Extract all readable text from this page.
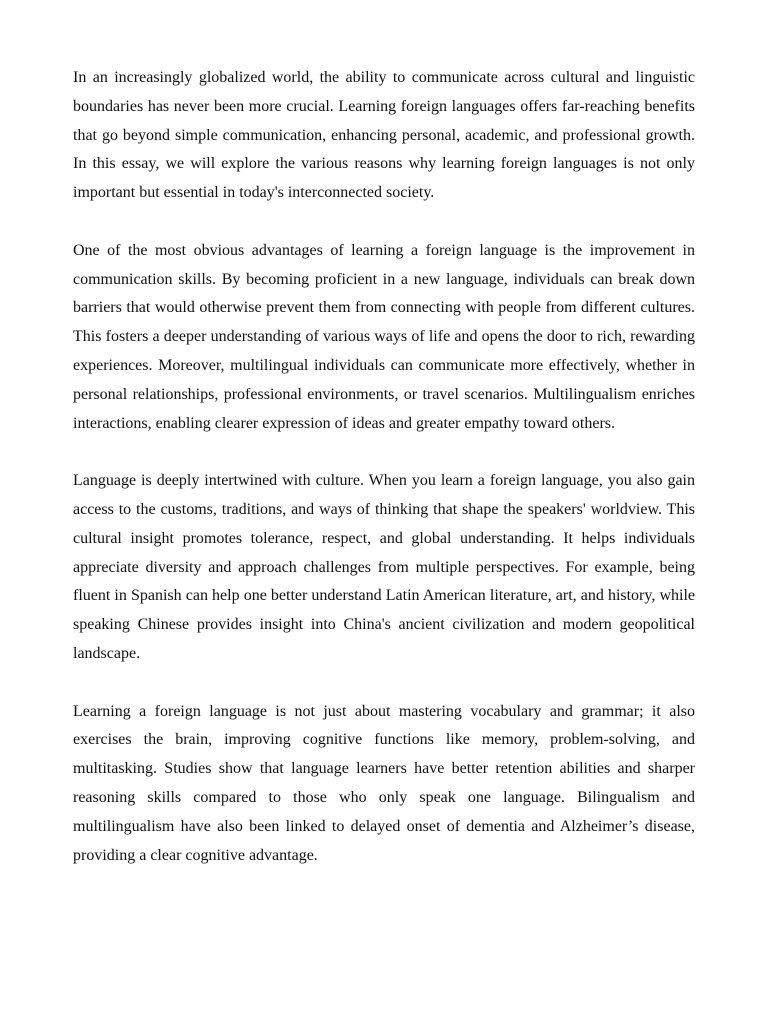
In an increasingly globalized world, the ability to communicate across cultural and linguistic boundaries has never been more crucial. Learning foreign languages offers far-reaching benefits that go beyond simple communication, enhancing personal, academic, and professional growth. In this essay, we will explore the various reasons why learning foreign languages is not only important but essential in today's interconnected society.

One of the most obvious advantages of learning a foreign language is the improvement in communication skills. By becoming proficient in a new language, individuals can break down barriers that would otherwise prevent them from connecting with people from different cultures. This fosters a deeper understanding of various ways of life and opens the door to rich, rewarding experiences. Moreover, multilingual individuals can communicate more effectively, whether in personal relationships, professional environments, or travel scenarios. Multilingualism enriches interactions, enabling clearer expression of ideas and greater empathy toward others.

Language is deeply intertwined with culture. When you learn a foreign language, you also gain access to the customs, traditions, and ways of thinking that shape the speakers' worldview. This cultural insight promotes tolerance, respect, and global understanding. It helps individuals appreciate diversity and approach challenges from multiple perspectives. For example, being fluent in Spanish can help one better understand Latin American literature, art, and history, while speaking Chinese provides insight into China's ancient civilization and modern geopolitical landscape.

Learning a foreign language is not just about mastering vocabulary and grammar; it also exercises the brain, improving cognitive functions like memory, problem-solving, and multitasking. Studies show that language learners have better retention abilities and sharper reasoning skills compared to those who only speak one language. Bilingualism and multilingualism have also been linked to delayed onset of dementia and Alzheimer’s disease, providing a clear cognitive advantage.
